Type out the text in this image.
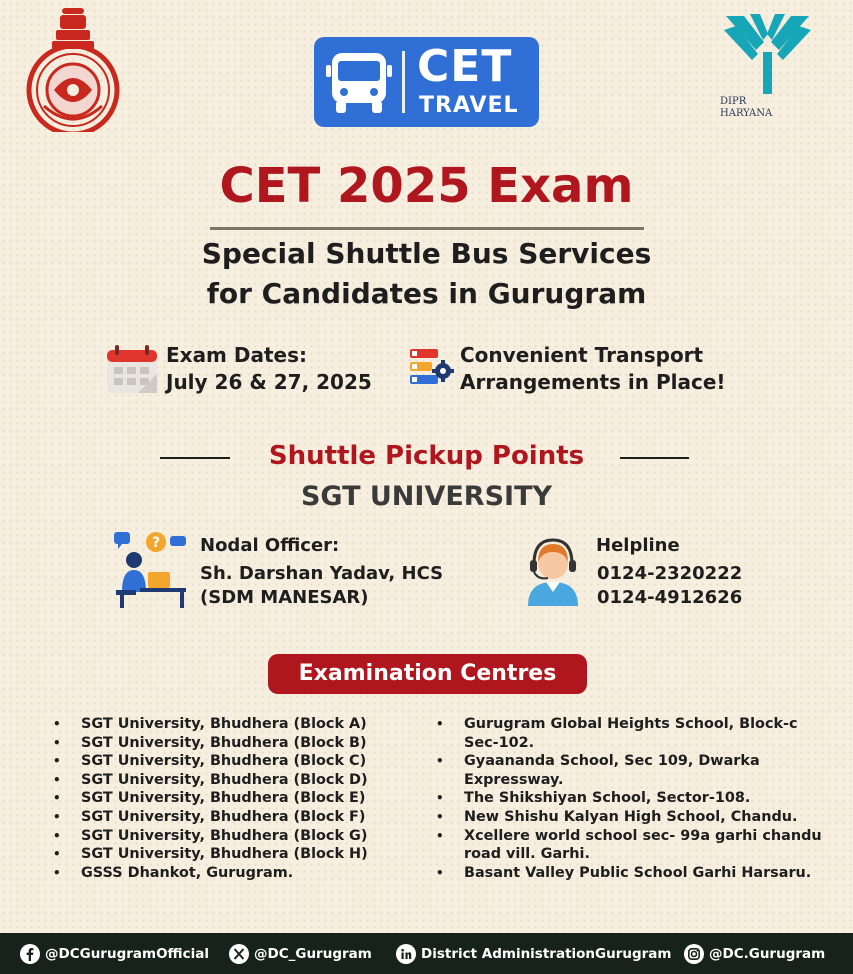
DIPR
HARYANA
CET
TRAVEL
CET 2025 Exam
Special Shuttle Bus Services
for Candidates in Gurugram
Exam Dates:
July 26 & 27, 2025
Convenient Transport
Arrangements in Place!
Shuttle Pickup Points
SGT UNIVERSITY
? Nodal Officer:
Sh. Darshan Yadav, HCS
(SDM MANESAR)
Helpline
0124-2320222
0124-4912626
Examination Centres
• SGT University, Bhudhera (Block A)
• SGT University, Bhudhera (Block B)
• SGT University, Bhudhera (Block C)
• SGT University, Bhudhera (Block D)
• SGT University, Bhudhera (Block E)
• SGT University, Bhudhera (Block F)
• SGT University, Bhudhera (Block G)
• SGT University, Bhudhera (Block H)
• GSSS Dhankot, Gurugram.
• Gurugram Global Heights School, Block-c Sec-102.
• Gyaananda School, Sec 109, Dwarka Expressway.
• The Shikshiyan School, Sector-108.
• New Shishu Kalyan High School, Chandu.
• Xcellere world school sec- 99a garhi chandu road vill. Garhi.
• Basant Valley Public School Garhi Harsaru.
@DCGurugramOfficial	@DC_Gurugram	District AdministrationGurugram	@DC.Gurugram
